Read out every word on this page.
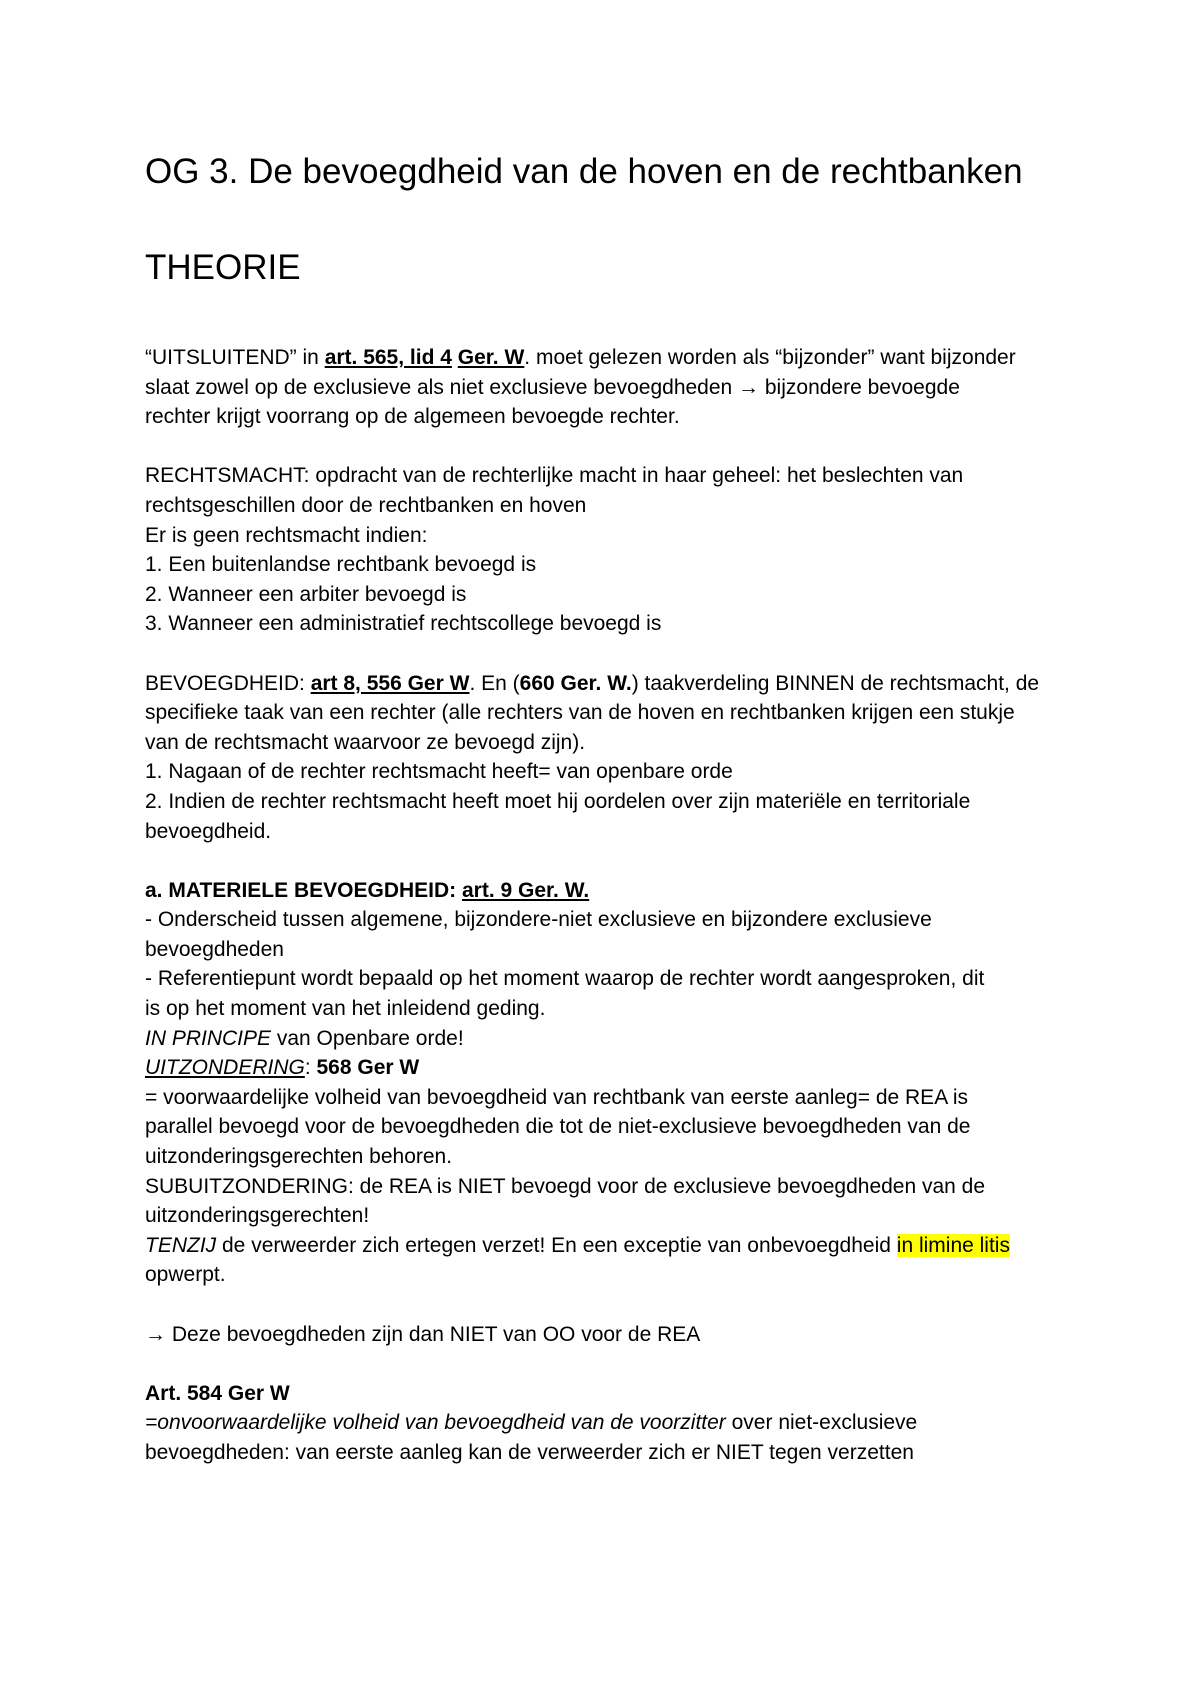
OG 3. De bevoegdheid van de hoven en de rechtbanken
THEORIE
“UITSLUITEND” in art. 565, lid 4 Ger. W. moet gelezen worden als “bijzonder” want bijzonder
slaat zowel op de exclusieve als niet exclusieve bevoegdheden → bijzondere bevoegde
rechter krijgt voorrang op de algemeen bevoegde rechter.
RECHTSMACHT: opdracht van de rechterlijke macht in haar geheel: het beslechten van
rechtsgeschillen door de rechtbanken en hoven
Er is geen rechtsmacht indien:
1. Een buitenlandse rechtbank bevoegd is
2. Wanneer een arbiter bevoegd is
3. Wanneer een administratief rechtscollege bevoegd is
BEVOEGDHEID: art 8, 556 Ger W. En (660 Ger. W.) taakverdeling BINNEN de rechtsmacht, de
specifieke taak van een rechter (alle rechters van de hoven en rechtbanken krijgen een stukje
van de rechtsmacht waarvoor ze bevoegd zijn).
1. Nagaan of de rechter rechtsmacht heeft= van openbare orde
2. Indien de rechter rechtsmacht heeft moet hij oordelen over zijn materiële en territoriale
bevoegdheid.
a. MATERIELE BEVOEGDHEID: art. 9 Ger. W.
- Onderscheid tussen algemene, bijzondere-niet exclusieve en bijzondere exclusieve
bevoegdheden
- Referentiepunt wordt bepaald op het moment waarop de rechter wordt aangesproken, dit
is op het moment van het inleidend geding.
IN PRINCIPE van Openbare orde!
UITZONDERING: 568 Ger W
= voorwaardelijke volheid van bevoegdheid van rechtbank van eerste aanleg= de REA is
parallel bevoegd voor de bevoegdheden die tot de niet-exclusieve bevoegdheden van de
uitzonderingsgerechten behoren.
SUBUITZONDERING: de REA is NIET bevoegd voor de exclusieve bevoegdheden van de
uitzonderingsgerechten!
TENZIJ de verweerder zich ertegen verzet! En een exceptie van onbevoegdheid in limine litis
opwerpt.
→ Deze bevoegdheden zijn dan NIET van OO voor de REA
Art. 584 Ger W
=onvoorwaardelijke volheid van bevoegdheid van de voorzitter over niet-exclusieve
bevoegdheden: van eerste aanleg kan de verweerder zich er NIET tegen verzetten
